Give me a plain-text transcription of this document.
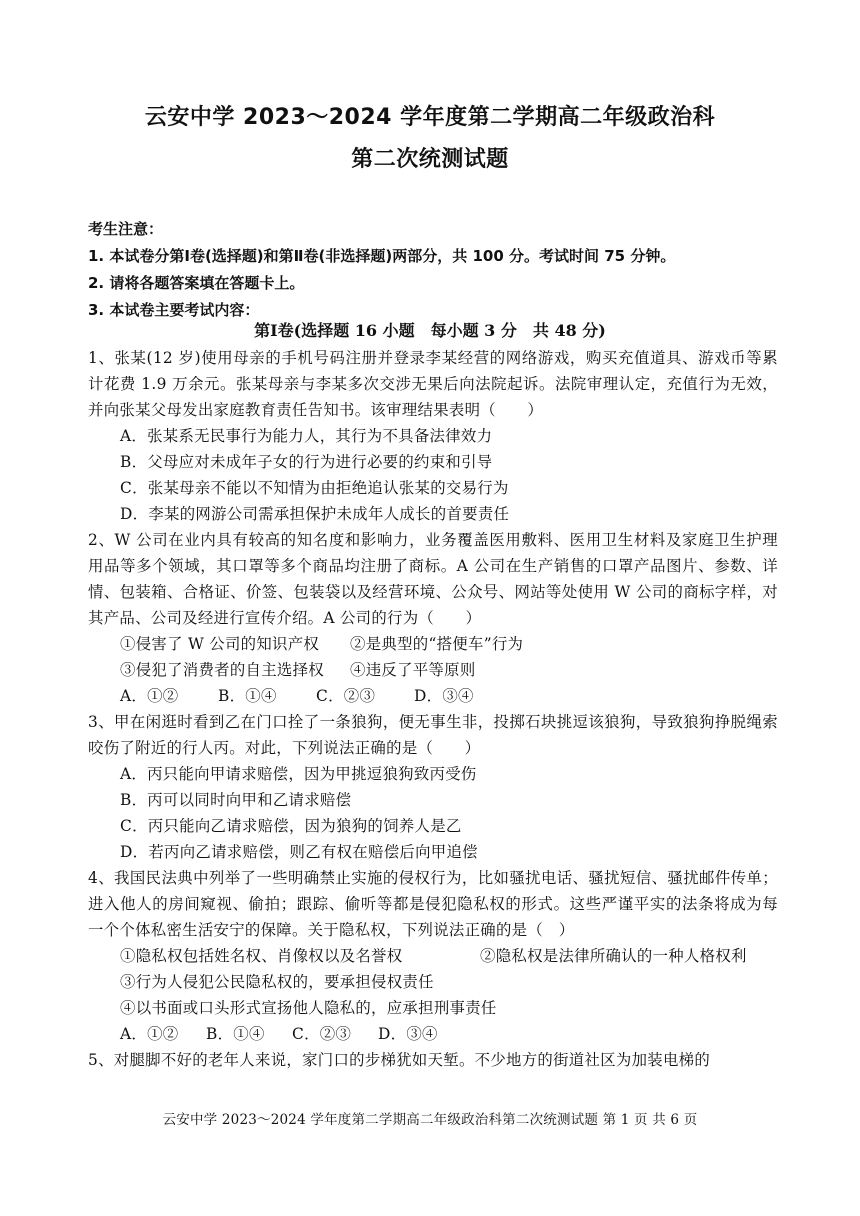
云安中学 2023～2024 学年度第二学期高二年级政治科
第二次统测试题
考生注意：
1. 本试卷分第Ⅰ卷(选择题)和第Ⅱ卷(非选择题)两部分，共 100 分。考试时间 75 分钟。
2. 请将各题答案填在答题卡上。
3. 本试卷主要考试内容：
第Ⅰ卷(选择题 16 小题　每小题 3 分　共 48 分)
1、张某(12 岁)使用母亲的手机号码注册并登录李某经营的网络游戏，购买充值道具、游戏币等累计花费 1.9 万余元。张某母亲与李某多次交涉无果后向法院起诉。法院审理认定，充值行为无效，并向张某父母发出家庭教育责任告知书。该审理结果表明（　　）
A．张某系无民事行为能力人，其行为不具备法律效力
B．父母应对未成年子女的行为进行必要的约束和引导
C．张某母亲不能以不知情为由拒绝追认张某的交易行为
D．李某的网游公司需承担保护未成年人成长的首要责任
2、W 公司在业内具有较高的知名度和影响力，业务覆盖医用敷料、医用卫生材料及家庭卫生护理用品等多个领域，其口罩等多个商品均注册了商标。A 公司在生产销售的口罩产品图片、参数、详情、包装箱、合格证、价签、包装袋以及经营环境、公众号、网站等处使用 W 公司的商标字样，对其产品、公司及经进行宣传介绍。A 公司的行为（　　）
①侵害了 W 公司的知识产权	②是典型的“搭便车”行为
③侵犯了消费者的自主选择权	④违反了平等原则
A．①②	B．①④	C．②③	D．③④
3、甲在闲逛时看到乙在门口拴了一条狼狗，便无事生非，投掷石块挑逗该狼狗，导致狼狗挣脱绳索咬伤了附近的行人丙。对此，下列说法正确的是（　　）
A．丙只能向甲请求赔偿，因为甲挑逗狼狗致丙受伤
B．丙可以同时向甲和乙请求赔偿
C．丙只能向乙请求赔偿，因为狼狗的饲养人是乙
D．若丙向乙请求赔偿，则乙有权在赔偿后向甲追偿
4、我国民法典中列举了一些明确禁止实施的侵权行为，比如骚扰电话、骚扰短信、骚扰邮件传单；进入他人的房间窥视、偷拍；跟踪、偷听等都是侵犯隐私权的形式。这些严谨平实的法条将成为每一个个体私密生活安宁的保障。关于隐私权，下列说法正确的是（　）
①隐私权包括姓名权、肖像权以及名誉权	②隐私权是法律所确认的一种人格权利
③行为人侵犯公民隐私权的，要承担侵权责任
④以书面或口头形式宣扬他人隐私的，应承担刑事责任
A．①② B．①④ C．②③ D．③④
5、对腿脚不好的老年人来说，家门口的步梯犹如天堑。不少地方的街道社区为加装电梯的
云安中学 2023～2024 学年度第二学期高二年级政治科第二次统测试题 第 1 页 共 6 页
